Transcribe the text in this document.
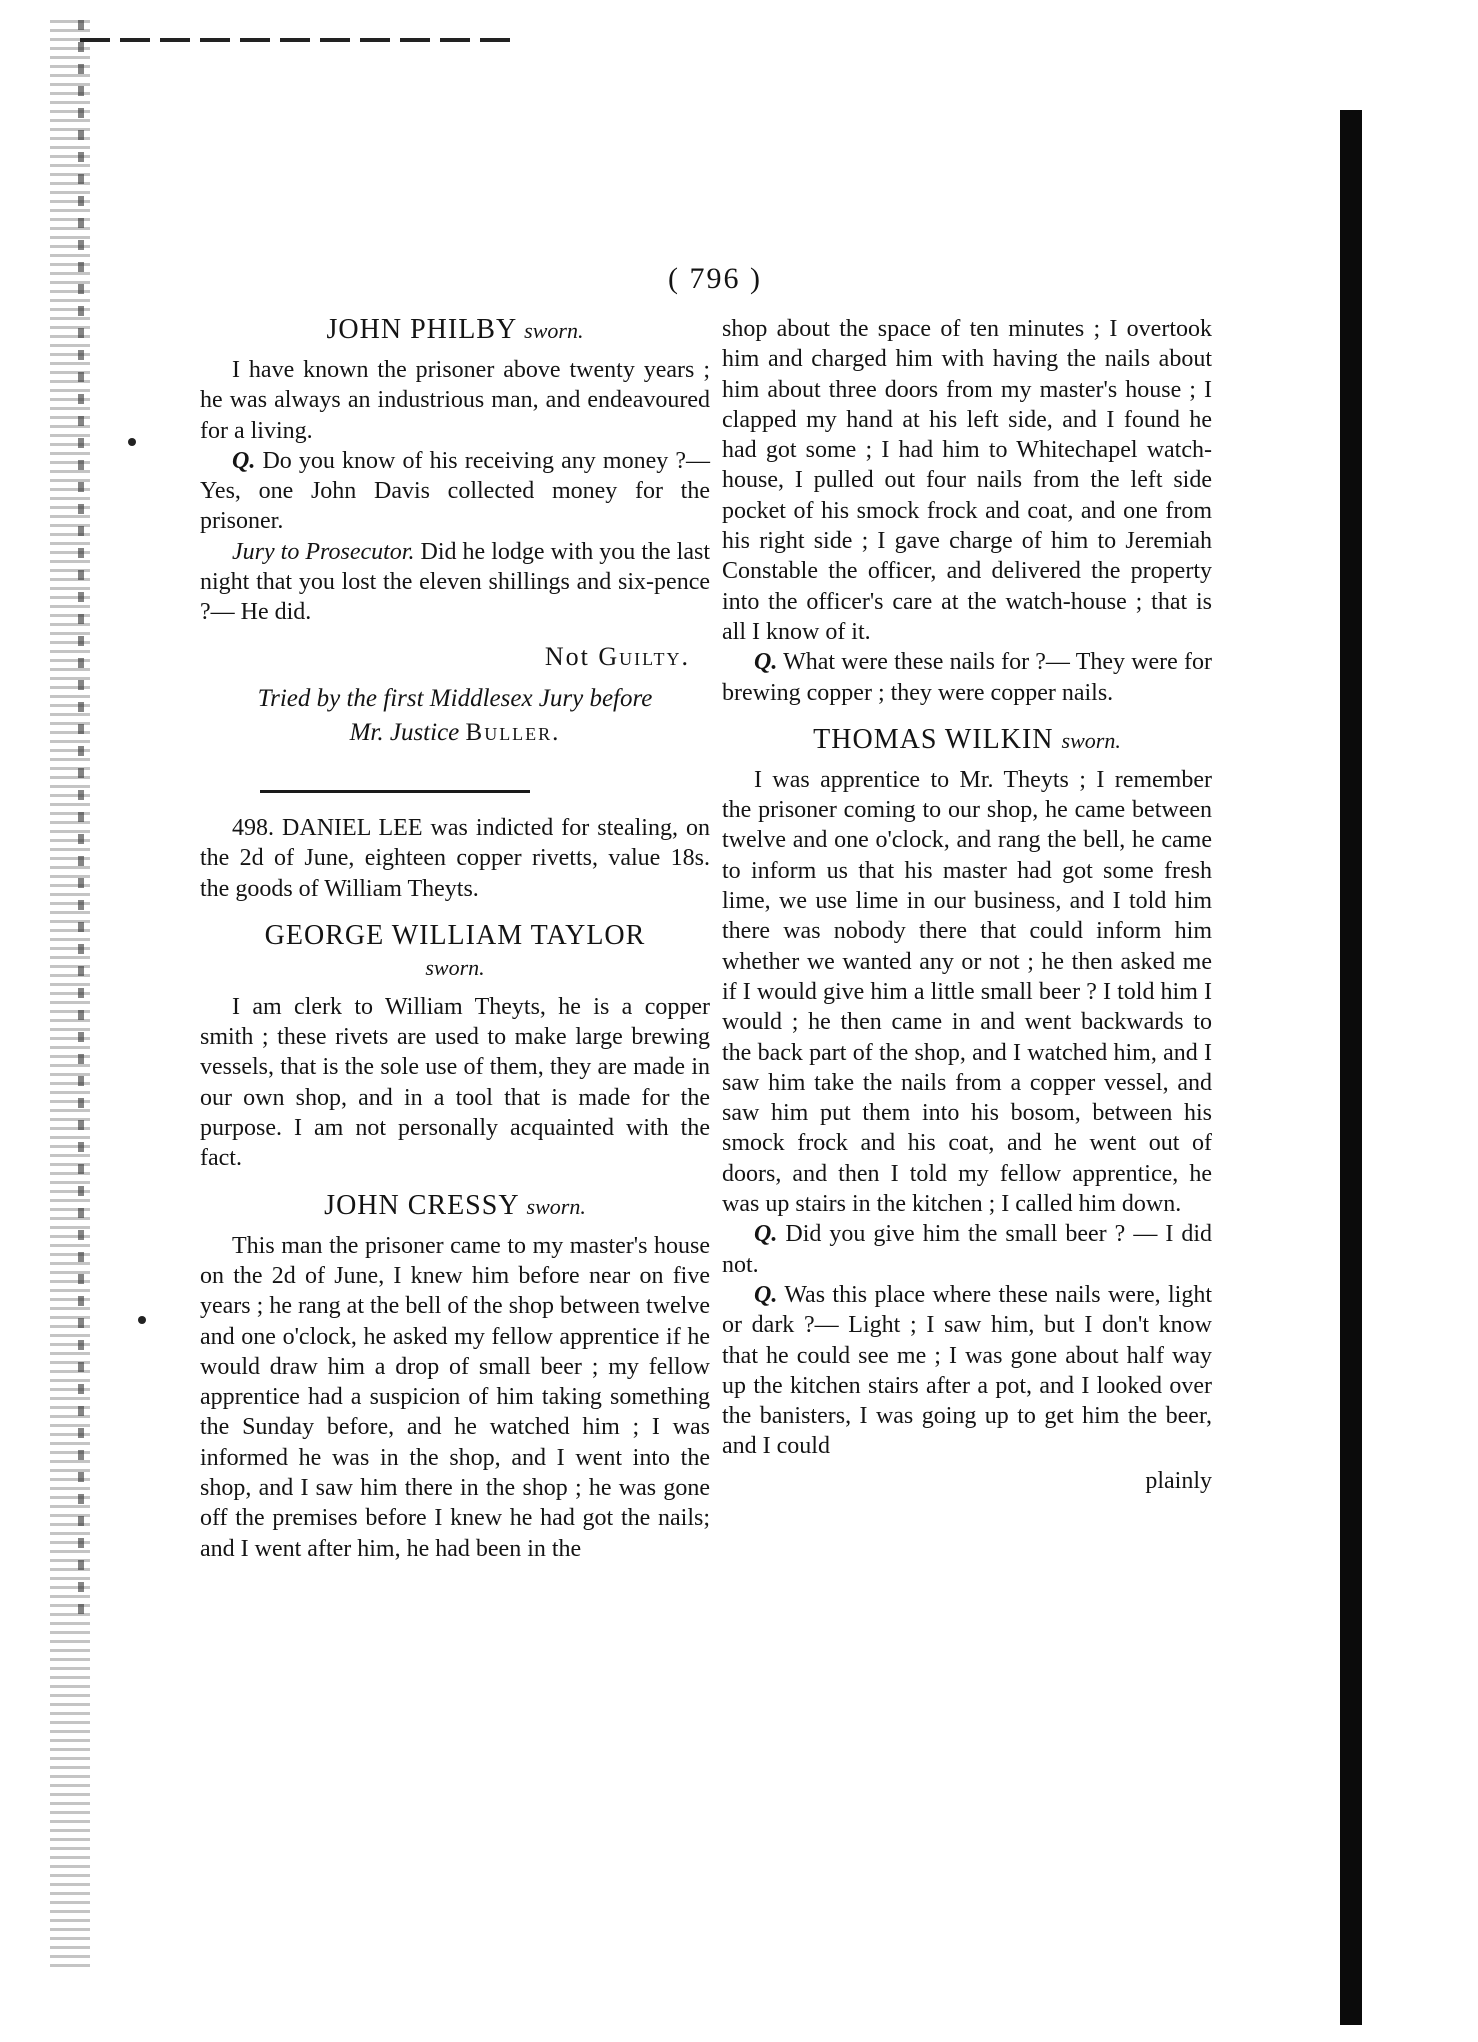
( 796 )
JOHN PHILBY sworn.

I have known the prisoner above twenty years ; he was always an industrious man, and endeavoured for a living.

Q. Do you know of his receiving any money ?— Yes, one John Davis collected money for the prisoner.

Jury to Prosecutor. Did he lodge with you the last night that you lost the eleven shillings and six-pence ?— He did.

Not Guilty.
Tried by the first Middlesex Jury before
Mr. Justice Buller.

498. DANIEL LEE was indicted for stealing, on the 2d of June, eighteen copper rivetts, value 18s. the goods of William Theyts.

GEORGE WILLIAM TAYLOR
sworn.

I am clerk to William Theyts, he is a copper smith ; these rivets are used to make large brewing vessels, that is the sole use of them, they are made in our own shop, and in a tool that is made for the purpose. I am not personally acquainted with the fact.

JOHN CRESSY sworn.

This man the prisoner came to my master's house on the 2d of June, I knew him before near on five years ; he rang at the bell of the shop between twelve and one o'clock, he asked my fellow apprentice if he would draw him a drop of small beer ; my fellow apprentice had a suspicion of him taking something the Sunday before, and he watched him ; I was informed he was in the shop, and I went into the shop, and I saw him there in the shop ; he was gone off the premises before I knew he had got the nails; and I went after him, he had been in the

shop about the space of ten minutes ; I overtook him and charged him with having the nails about him about three doors from my master's house ; I clapped my hand at his left side, and I found he had got some ; I had him to Whitechapel watch-house, I pulled out four nails from the left side pocket of his smock frock and coat, and one from his right side ; I gave charge of him to Jeremiah Constable the officer, and delivered the property into the officer's care at the watch-house ; that is all I know of it.

Q. What were these nails for ?— They were for brewing copper ; they were copper nails.

THOMAS WILKIN sworn.

I was apprentice to Mr. Theyts ; I remember the prisoner coming to our shop, he came between twelve and one o'clock, and rang the bell, he came to inform us that his master had got some fresh lime, we use lime in our business, and I told him there was nobody there that could inform him whether we wanted any or not ; he then asked me if I would give him a little small beer ? I told him I would ; he then came in and went backwards to the back part of the shop, and I watched him, and I saw him take the nails from a copper vessel, and saw him put them into his bosom, between his smock frock and his coat, and he went out of doors, and then I told my fellow apprentice, he was up stairs in the kitchen ; I called him down.

Q. Did you give him the small beer ? — I did not.

Q. Was this place where these nails were, light or dark ?— Light ; I saw him, but I don't know that he could see me ; I was gone about half way up the kitchen stairs after a pot, and I looked over the banisters, I was going up to get him the beer, and I could

plainly
